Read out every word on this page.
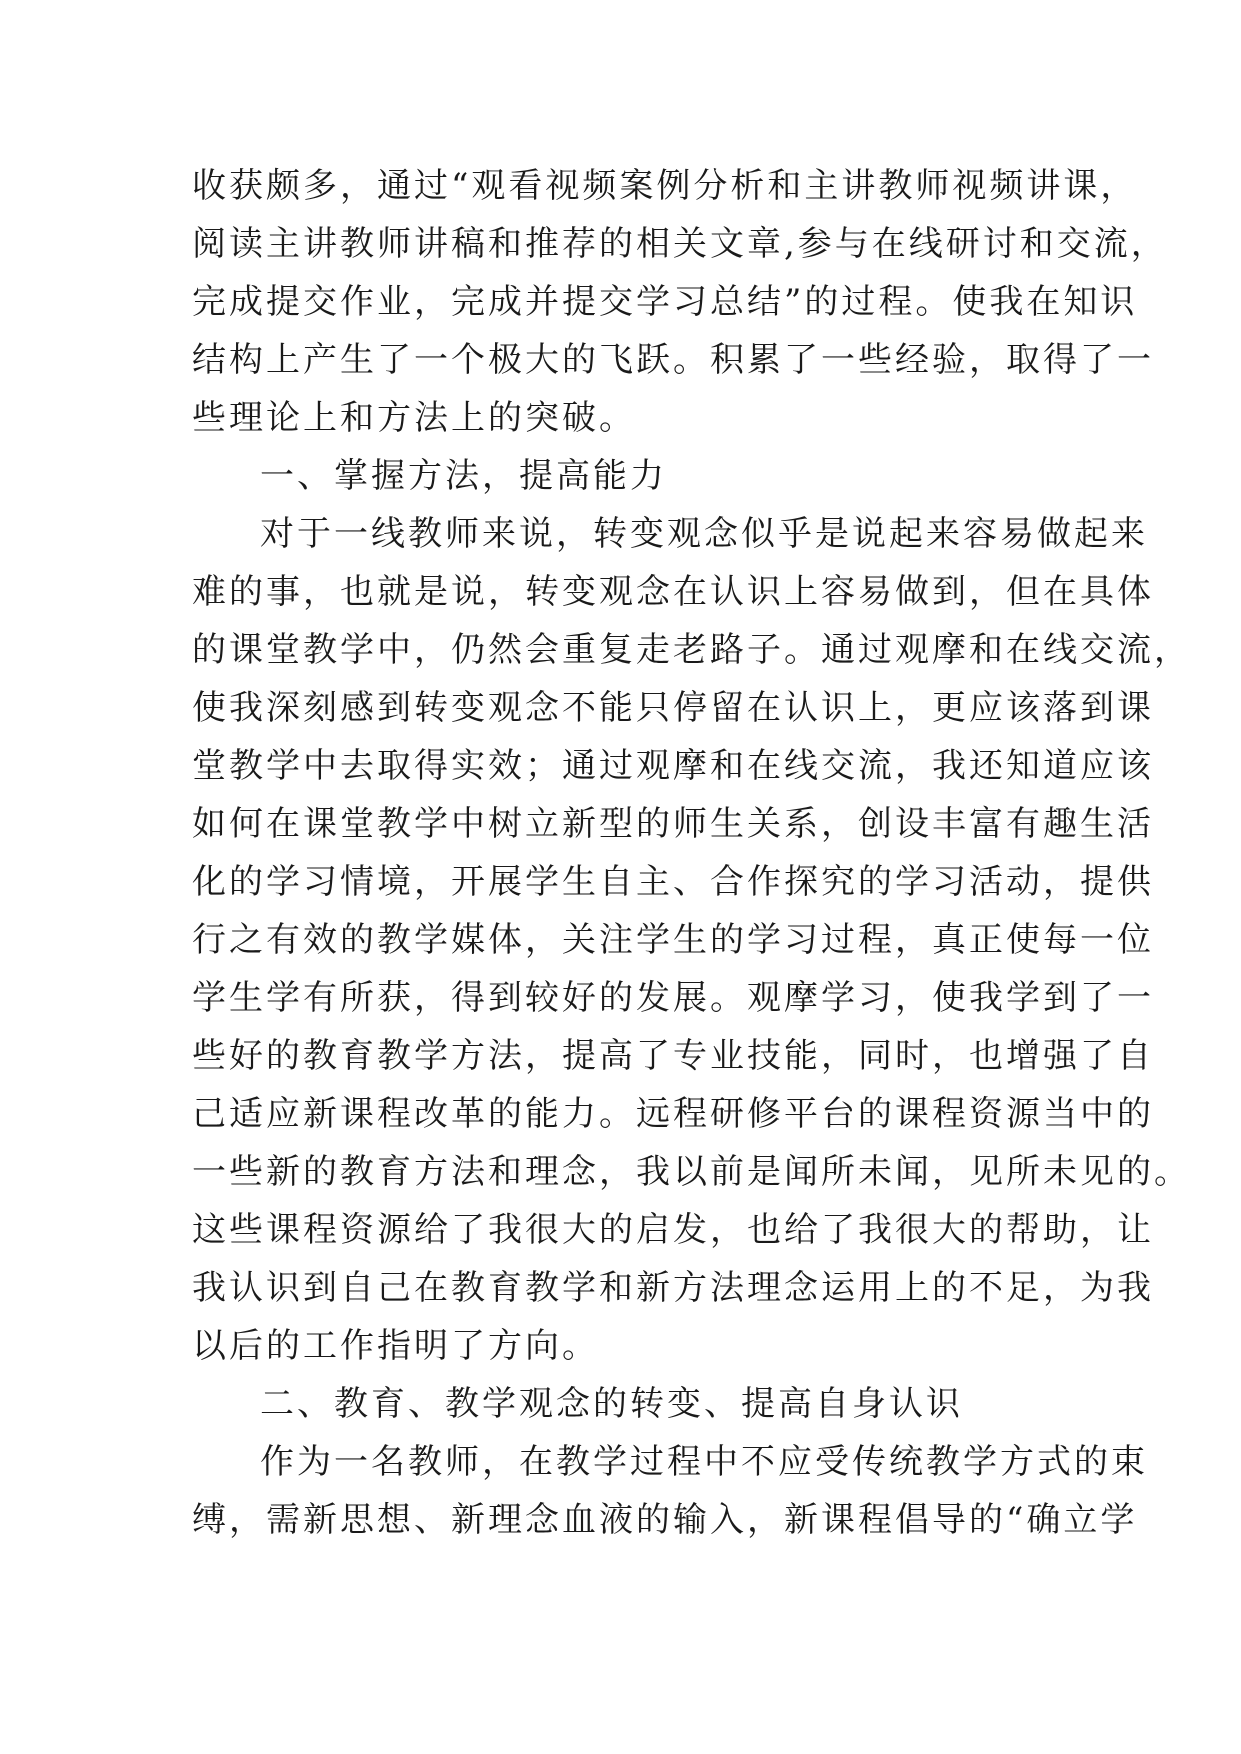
收获颇多，通过“观看视频案例分析和主讲教师视频讲课，
阅读主讲教师讲稿和推荐的相关文章,参与在线研讨和交流，
完成提交作业，完成并提交学习总结”的过程。使我在知识
结构上产生了一个极大的飞跃。积累了一些经验，取得了一
些理论上和方法上的突破。
一、掌握方法，提高能力
对于一线教师来说，转变观念似乎是说起来容易做起来
难的事，也就是说，转变观念在认识上容易做到，但在具体
的课堂教学中，仍然会重复走老路子。通过观摩和在线交流，
使我深刻感到转变观念不能只停留在认识上，更应该落到课
堂教学中去取得实效；通过观摩和在线交流，我还知道应该
如何在课堂教学中树立新型的师生关系，创设丰富有趣生活
化的学习情境，开展学生自主、合作探究的学习活动，提供
行之有效的教学媒体，关注学生的学习过程，真正使每一位
学生学有所获，得到较好的发展。观摩学习，使我学到了一
些好的教育教学方法，提高了专业技能，同时，也增强了自
己适应新课程改革的能力。远程研修平台的课程资源当中的
一些新的教育方法和理念，我以前是闻所未闻，见所未见的。
这些课程资源给了我很大的启发，也给了我很大的帮助，让
我认识到自己在教育教学和新方法理念运用上的不足，为我
以后的工作指明了方向。
二、教育、教学观念的转变、提高自身认识
作为一名教师，在教学过程中不应受传统教学方式的束
缚，需新思想、新理念血液的输入，新课程倡导的“确立学
